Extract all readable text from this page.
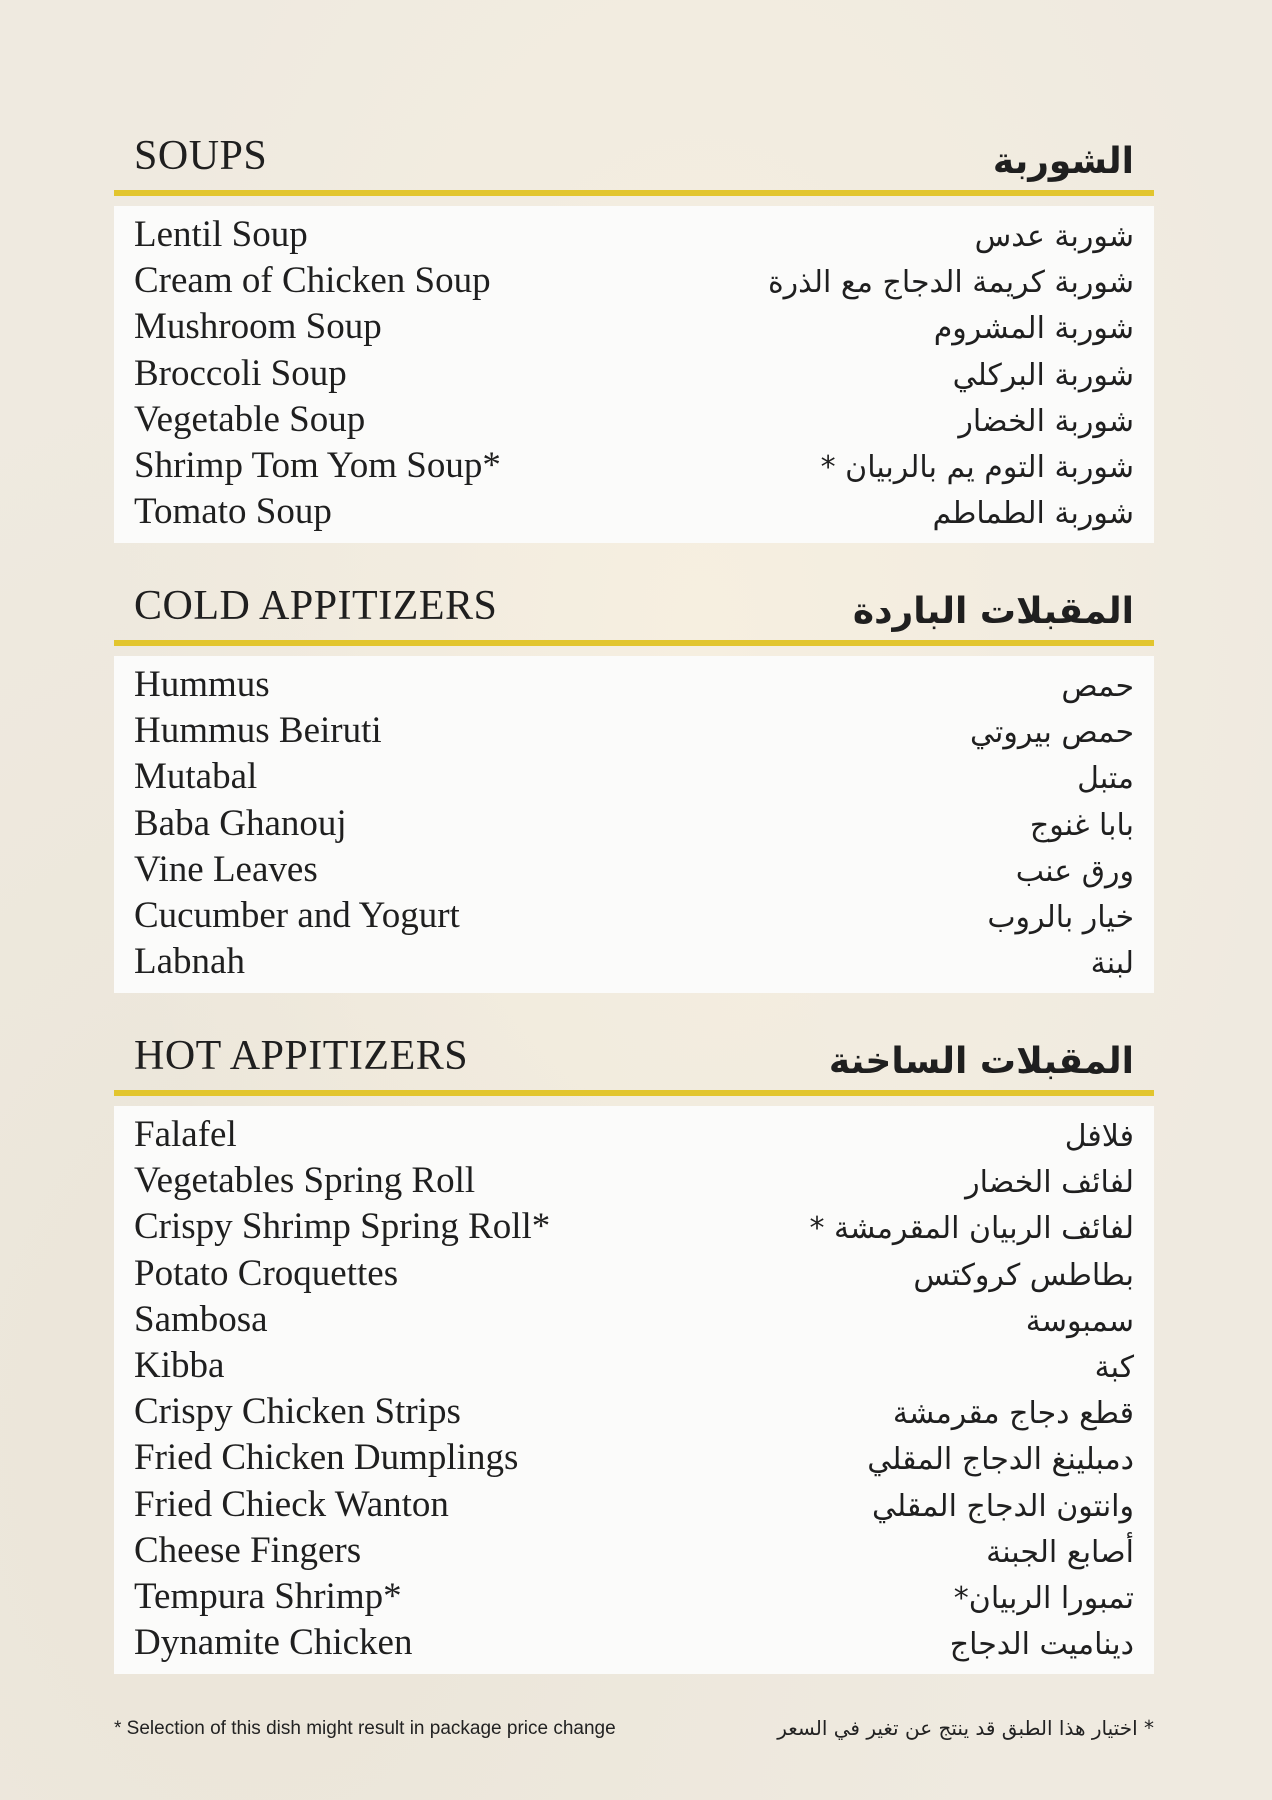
SOUPS	الشوربة
Lentil Soup	شوربة عدس
Cream of Chicken Soup	شوربة كريمة الدجاج مع الذرة
Mushroom Soup	شوربة المشروم
Broccoli Soup	شوربة البركلي
Vegetable Soup	شوربة الخضار
Shrimp Tom Yom Soup*	شوربة التوم يم بالربيان *
Tomato Soup	شوربة الطماطم
COLD APPITIZERS	المقبلات الباردة
Hummus	حمص
Hummus Beiruti	حمص بيروتي
Mutabal	متبل
Baba Ghanouj	بابا غنوج
Vine Leaves	ورق عنب
Cucumber and Yogurt	خيار بالروب
Labnah	لبنة
HOT APPITIZERS	المقبلات الساخنة
Falafel	فلافل
Vegetables Spring Roll	لفائف الخضار
Crispy Shrimp Spring Roll*	لفائف الربيان المقرمشة *
Potato Croquettes	بطاطس كروكتس
Sambosa	سمبوسة
Kibba	كبة
Crispy Chicken Strips	قطع دجاج مقرمشة
Fried Chicken Dumplings	دمبلينغ الدجاج المقلي
Fried Chieck Wanton	وانتون الدجاج المقلي
Cheese Fingers	أصابع الجبنة
Tempura Shrimp*	تمبورا الربيان*
Dynamite Chicken	ديناميت الدجاج
* Selection of this dish might result in package price change	* اختيار هذا الطبق قد ينتج عن تغير في السعر
